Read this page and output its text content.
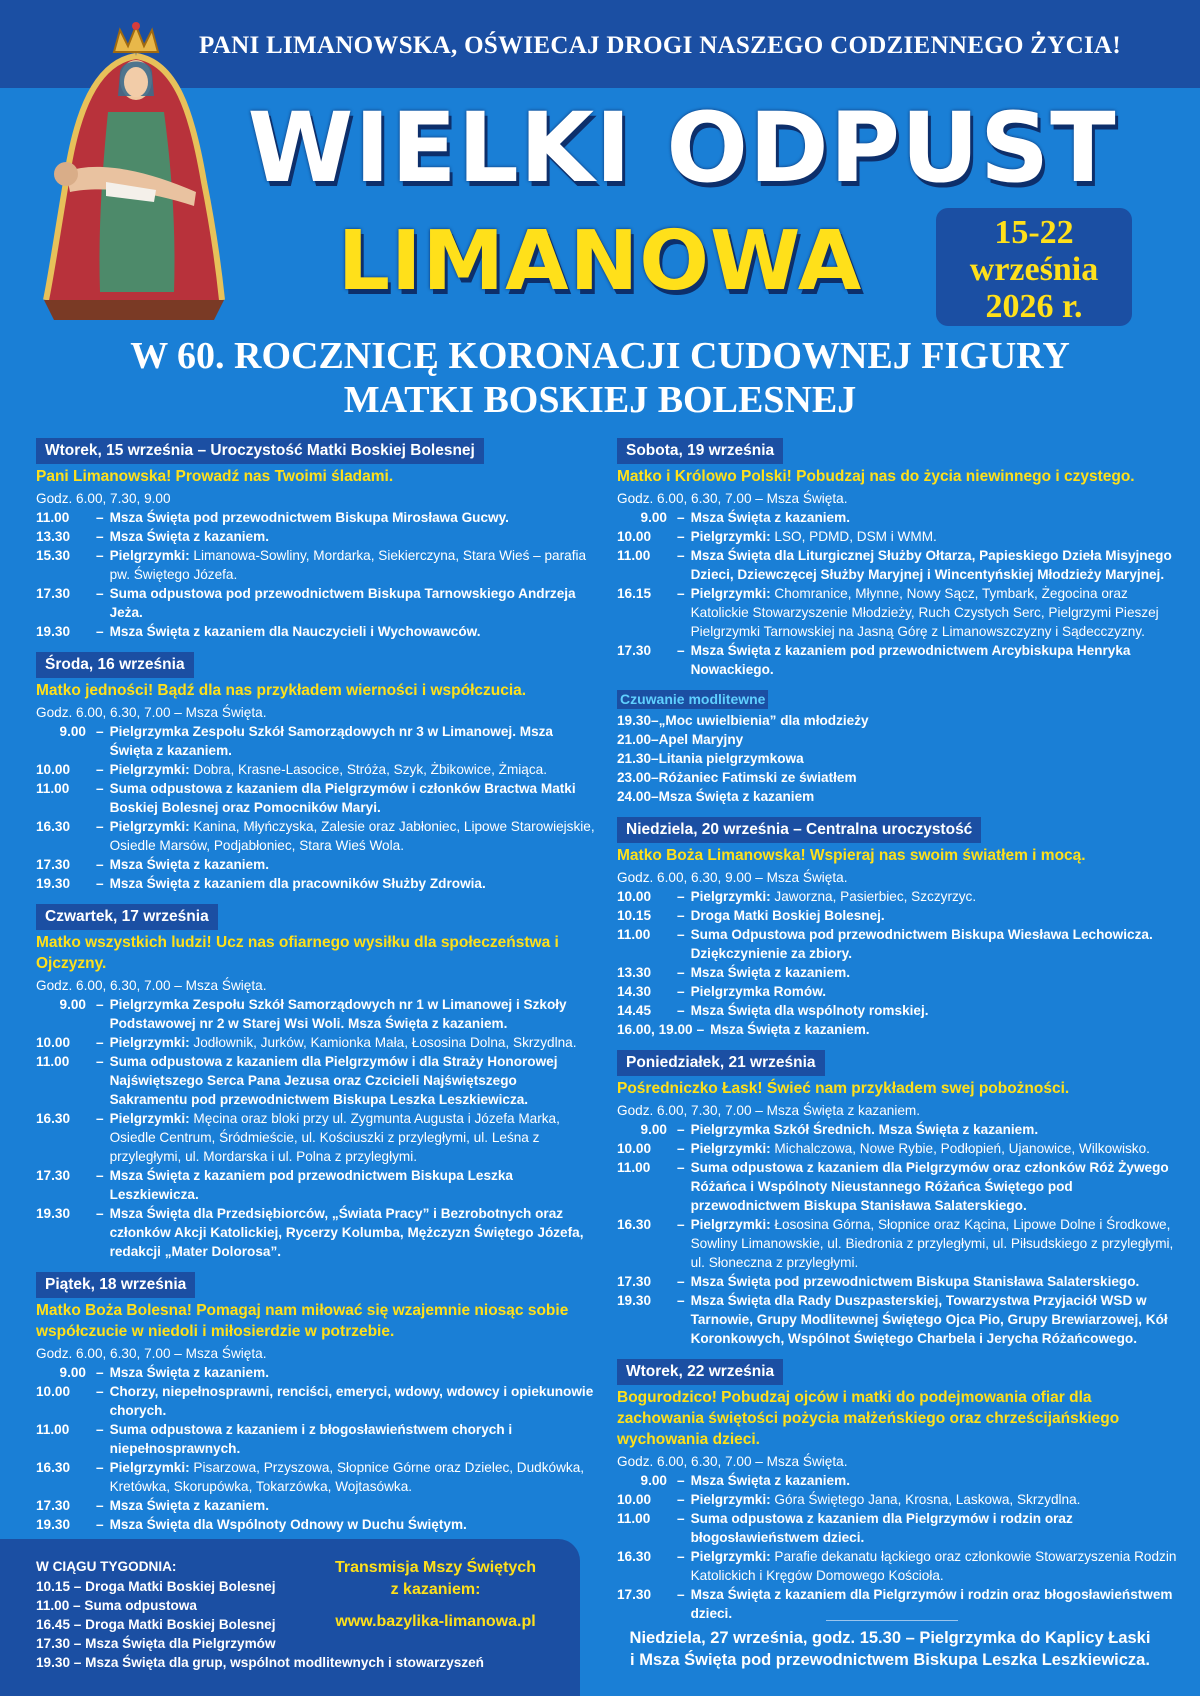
PANI LIMANOWSKA, OŚWIECAJ DROGI NASZEGO CODZIENNEGO ŻYCIA!
WIELKI ODPUST
LIMANOWA	15-22
września
2026 r.
W 60. ROCZNICĘ KORONACJI CUDOWNEJ FIGURY
MATKI BOSKIEJ BOLESNEJ
Wtorek, 15 września – Uroczystość Matki Boskiej Bolesnej
Pani Limanowska! Prowadź nas Twoimi śladami.
Godz. 6.00, 7.30, 9.00
11.00	– Msza Święta pod przewodnictwem Biskupa Mirosława Gucwy.
13.30	– Msza Święta z kazaniem.
15.30	– Pielgrzymki: Limanowa-Sowliny, Mordarka, Siekierczyna, Stara Wieś – parafia pw. Świętego Józefa.
17.30	– Suma odpustowa pod przewodnictwem Biskupa Tarnowskiego Andrzeja Jeża.
19.30	– Msza Święta z kazaniem dla Nauczycieli i Wychowawców.
Środa, 16 września
Matko jedności! Bądź dla nas przykładem wierności i współczucia.
Godz. 6.00, 6.30, 7.00 – Msza Święta.
9.00 – Pielgrzymka Zespołu Szkół Samorządowych nr 3 w Limanowej. Msza Święta z kazaniem.
10.00	– Pielgrzymki: Dobra, Krasne-Lasocice, Stróża, Szyk, Żbikowice, Żmiąca.
11.00	– Suma odpustowa z kazaniem dla Pielgrzymów i członków Bractwa Matki Boskiej Bolesnej oraz Pomocników Maryi.
16.30	– Pielgrzymki: Kanina, Młyńczyska, Zalesie oraz Jabłoniec, Lipowe Starowiejskie, Osiedle Marsów, Podjabłoniec, Stara Wieś Wola.
17.30	– Msza Święta z kazaniem.
19.30	– Msza Święta z kazaniem dla pracowników Służby Zdrowia.
Czwartek, 17 września
Matko wszystkich ludzi! Ucz nas ofiarnego wysiłku dla społeczeństwa i Ojczyzny.
Godz. 6.00, 6.30, 7.00 – Msza Święta.
9.00 – Pielgrzymka Zespołu Szkół Samorządowych nr 1 w Limanowej i Szkoły Podstawowej nr 2 w Starej Wsi Woli. Msza Święta z kazaniem.
10.00	– Pielgrzymki: Jodłownik, Jurków, Kamionka Mała, Łososina Dolna, Skrzydlna.
11.00	– Suma odpustowa z kazaniem dla Pielgrzymów i dla Straży Honorowej Najświętszego Serca Pana Jezusa oraz Czcicieli Najświętszego Sakramentu pod przewodnictwem Biskupa Leszka Leszkiewicza.
16.30	– Pielgrzymki: Męcina oraz bloki przy ul. Zygmunta Augusta i Józefa Marka, Osiedle Centrum, Śródmieście, ul. Kościuszki z przyległymi, ul. Leśna z przyległymi, ul. Mordarska i ul. Polna z przyległymi.
17.30	– Msza Święta z kazaniem pod przewodnictwem Biskupa Leszka Leszkiewicza.
19.30	– Msza Święta dla Przedsiębiorców, „Świata Pracy” i Bezrobotnych oraz członków Akcji Katolickiej, Rycerzy Kolumba, Mężczyzn Świętego Józefa, redakcji „Mater Dolorosa”.
Piątek, 18 września
Matko Boża Bolesna! Pomagaj nam miłować się wzajemnie niosąc sobie współczucie w niedoli i miłosierdzie w potrzebie.
Godz. 6.00, 6.30, 7.00 – Msza Święta.
9.00 – Msza Święta z kazaniem.
10.00	– Chorzy, niepełnosprawni, renciści, emeryci, wdowy, wdowcy i opiekunowie chorych.
11.00	– Suma odpustowa z kazaniem i z błogosławieństwem chorych i niepełnosprawnych.
16.30	– Pielgrzymki: Pisarzowa, Przyszowa, Słopnice Górne oraz Dzielec, Dudkówka, Kretówka, Skorupówka, Tokarzówka, Wojtasówka.
17.30	– Msza Święta z kazaniem.
19.30	– Msza Święta dla Wspólnoty Odnowy w Duchu Świętym.
Sobota, 19 września
Matko i Królowo Polski! Pobudzaj nas do życia niewinnego i czystego.
Godz. 6.00, 6.30, 7.00 – Msza Święta.
9.00 – Msza Święta z kazaniem.
10.00	– Pielgrzymki: LSO, PDMD, DSM i WMM.
11.00	– Msza Święta dla Liturgicznej Służby Ołtarza, Papieskiego Dzieła Misyjnego Dzieci, Dziewczęcej Służby Maryjnej i Wincentyńskiej Młodzieży Maryjnej.
16.15	– Pielgrzymki: Chomranice, Młynne, Nowy Sącz, Tymbark, Żegocina oraz Katolickie Stowarzyszenie Młodzieży, Ruch Czystych Serc, Pielgrzymi Pieszej Pielgrzymki Tarnowskiej na Jasną Górę z Limanowszczyzny i Sądecczyzny.
17.30	– Msza Święta z kazaniem pod przewodnictwem Arcybiskupa Henryka Nowackiego.
Czuwanie modlitewne
19.30 – „Moc uwielbienia” dla młodzieży
21.00 – Apel Maryjny
21.30 – Litania pielgrzymkowa
23.00 – Różaniec Fatimski ze światłem
24.00 – Msza Święta z kazaniem
Niedziela, 20 września – Centralna uroczystość
Matko Boża Limanowska! Wspieraj nas swoim światłem i mocą.
Godz. 6.00, 6.30, 9.00 – Msza Święta.
10.00	– Pielgrzymki: Jaworzna, Pasierbiec, Szczyrzyc.
10.15	– Droga Matki Boskiej Bolesnej.
11.00	– Suma Odpustowa pod przewodnictwem Biskupa Wiesława Lechowicza. Dziękczynienie za zbiory.
13.30	– Msza Święta z kazaniem.
14.30	– Pielgrzymka Romów.
14.45	– Msza Święta dla wspólnoty romskiej.
16.00, 19.00 – Msza Święta z kazaniem.
Poniedziałek, 21 września
Pośredniczko Łask! Świeć nam przykładem swej pobożności.
Godz. 6.00, 7.30, 7.00 – Msza Święta z kazaniem.
9.00 – Pielgrzymka Szkół Średnich. Msza Święta z kazaniem.
10.00	– Pielgrzymki: Michalczowa, Nowe Rybie, Podłopień, Ujanowice, Wilkowisko.
11.00	– Suma odpustowa z kazaniem dla Pielgrzymów oraz członków Róż Żywego Różańca i Wspólnoty Nieustannego Różańca Świętego pod przewodnictwem Biskupa Stanisława Salaterskiego.
16.30	– Pielgrzymki: Łososina Górna, Słopnice oraz Kącina, Lipowe Dolne i Środkowe, Sowliny Limanowskie, ul. Biedronia z przyległymi, ul. Piłsudskiego z przyległymi, ul. Słoneczna z przyległymi.
17.30	– Msza Święta pod przewodnictwem Biskupa Stanisława Salaterskiego.
19.30	– Msza Święta dla Rady Duszpasterskiej, Towarzystwa Przyjaciół WSD w Tarnowie, Grupy Modlitewnej Świętego Ojca Pio, Grupy Brewiarzowej, Kół Koronkowych, Wspólnot Świętego Charbela i Jerycha Różańcowego.
Wtorek, 22 września
Bogurodzico! Pobudzaj ojców i matki do podejmowania ofiar dla zachowania świętości pożycia małżeńskiego oraz chrześcijańskiego wychowania dzieci.
Godz. 6.00, 6.30, 7.00 – Msza Święta.
9.00 – Msza Święta z kazaniem.
10.00	– Pielgrzymki: Góra Świętego Jana, Krosna, Laskowa, Skrzydlna.
11.00	– Suma odpustowa z kazaniem dla Pielgrzymów i rodzin oraz błogosławieństwem dzieci.
16.30	– Pielgrzymki: Parafie dekanatu łąckiego oraz członkowie Stowarzyszenia Rodzin Katolickich i Kręgów Domowego Kościoła.
17.30	– Msza Święta z kazaniem dla Pielgrzymów i rodzin oraz błogosławieństwem dzieci.
W CIĄGU TYGODNIA:
10.15 – Droga Matki Boskiej Bolesnej
11.00 – Suma odpustowa
16.45 – Droga Matki Boskiej Bolesnej
17.30 – Msza Święta dla Pielgrzymów
19.30 – Msza Święta dla grup, wspólnot modlitewnych i stowarzyszeń
Transmisja Mszy Świętych
z kazaniem:
www.bazylika-limanowa.pl
Niedziela, 27 września, godz. 15.30 – Pielgrzymka do Kaplicy Łaski
i Msza Święta pod przewodnictwem Biskupa Leszka Leszkiewicza.
